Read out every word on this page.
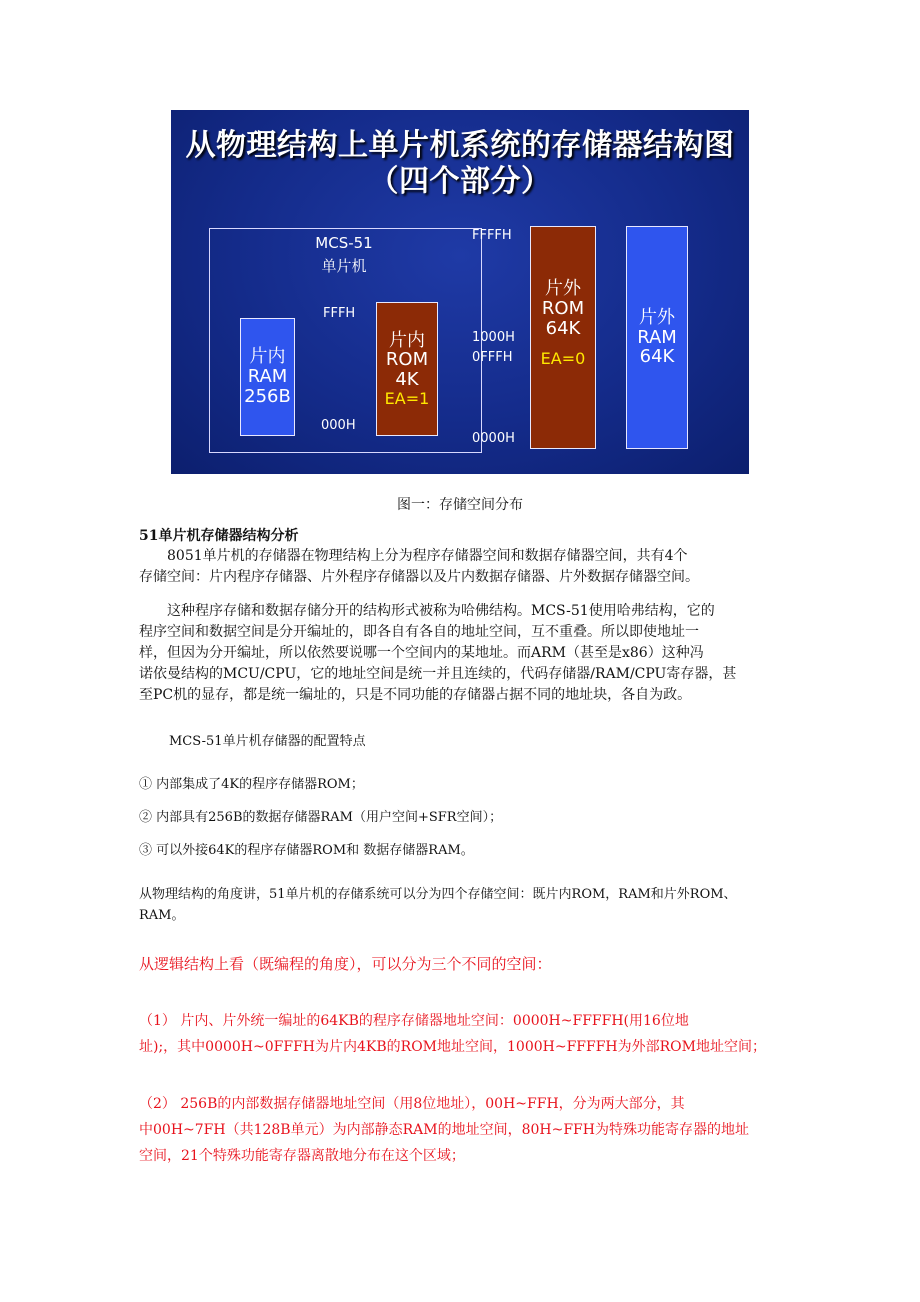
从物理结构上单片机系统的存储器结构图
（四个部分）
MCS-51
单片机
FFFH
000H
片内
RAM
256B
片内
ROM
4K
EA=1
FFFFH
1000H
0FFFH
0000H
片外
ROM
64K
EA=0
片外
RAM
64K
图一：存储空间分布

51单片机存储器结构分析

8051单片机的存储器在物理结构上分为程序存储器空间和数据存储器空间，共有4个

存储空间：片内程序存储器、片外程序存储器以及片内数据存储器、片外数据存储器空间。

这种程序存储和数据存储分开的结构形式被称为哈佛结构。MCS-51使用哈弗结构，它的

程序空间和数据空间是分开编址的，即各自有各自的地址空间，互不重叠。所以即使地址一

样，但因为分开编址，所以依然要说哪一个空间内的某地址。而ARM（甚至是x86）这种冯

诺依曼结构的MCU/CPU，它的地址空间是统一并且连续的，代码存储器/RAM/CPU寄存器，甚

至PC机的显存，都是统一编址的，只是不同功能的存储器占据不同的地址块，各自为政。

MCS-51单片机存储器的配置特点

① 内部集成了4K的程序存储器ROM；

② 内部具有256B的数据存储器RAM（用户空间+SFR空间）；

③ 可以外接64K的程序存储器ROM和 数据存储器RAM。

从物理结构的角度讲，51单片机的存储系统可以分为四个存储空间：既片内ROM，RAM和片外ROM、

RAM。

从逻辑结构上看（既编程的角度），可以分为三个不同的空间：

（1） 片内、片外统一编址的64KB的程序存储器地址空间：0000H~FFFFH(用16位地

址);，其中0000H~0FFFH为片内4KB的ROM地址空间，1000H~FFFFH为外部ROM地址空间；

（2） 256B的内部数据存储器地址空间（用8位地址），00H~FFH，分为两大部分，其

中00H~7FH（共128B单元）为内部静态RAM的地址空间，80H~FFH为特殊功能寄存器的地址

空间，21个特殊功能寄存器离散地分布在这个区域；
